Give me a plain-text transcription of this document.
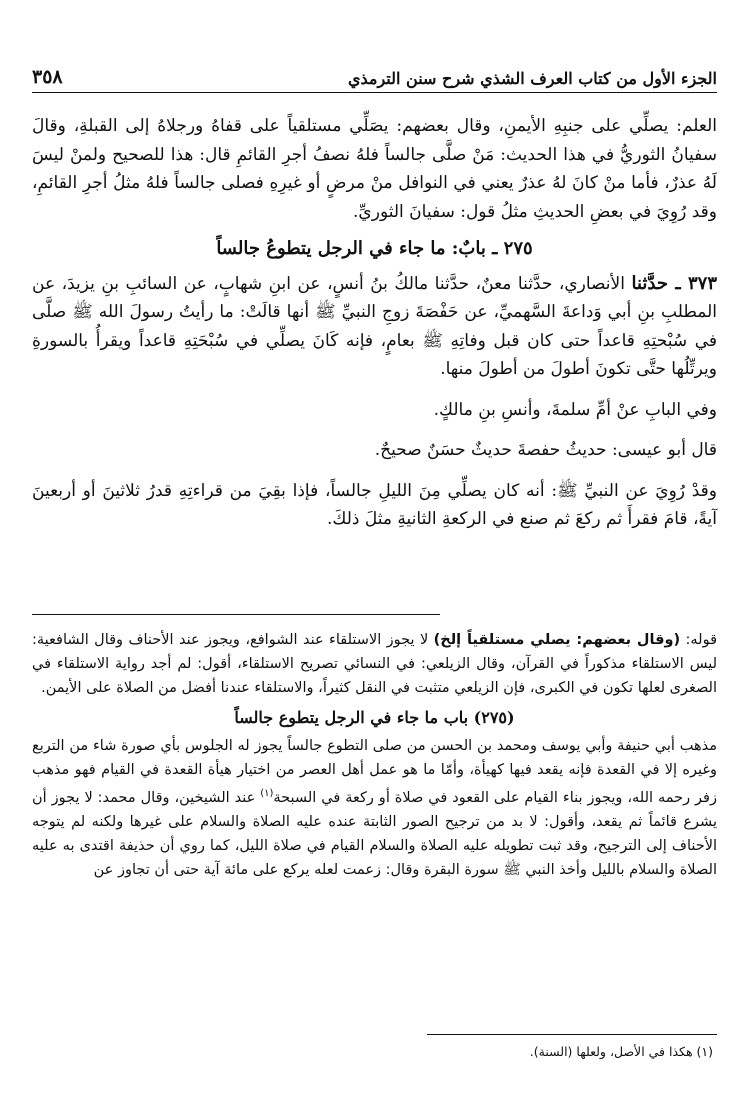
الجزء الأول من كتاب العرف الشذي شرح سنن الترمذي
٣٥٨

العلم: يصلِّي على جنبِهِ الأيمنِ، وقال بعضهم: يصَلِّي مستلقياً على قفاهُ ورجلاهُ إلى القبلةِ، وقالَ سفيانُ الثوريُّ في هذا الحديث: مَنْ صلَّى جالساً فلهُ نصفُ أجرِ القائمِ قال: هذا للصحيح ولمنْ ليسَ لَهُ عذرٌ، فأما منْ كانَ لهُ عذرٌ يعني في النوافل منْ مرضٍ أو غيرِهِ فصلى جالساً فلهُ مثلُ أجرِ القائمِ، وقد رُوِيَ في بعضِ الحديثِ مثلُ قول: سفيانَ الثوريِّ.

٢٧٥ ـ بابٌ: ما جاء في الرجل يتطوعُ جالساً

٣٧٣ ـ حدَّثنا الأنصاري، حدَّثنا معنٌ، حدَّثنا مالكُ بنُ أنسٍ، عن ابنِ شهابٍ، عن السائبِ بنِ يزيدَ، عن المطلبِ بنِ أبي وَداعةَ السَّهميِّ، عن حَفْصَةَ زوجِ النبيِّ ﷺ أنها قالَتْ: ما رأيتُ رسولَ الله ﷺ صلَّى في سُبْحتِهِ قاعداً حتى كان قبل وفاتِهِ ﷺ بعامٍ، فإنه كَانَ يصلِّي في سُبْحَتِهِ قاعداً ويقرأُ بالسورةِ ويرتِّلُها حتَّى تكونَ أطولَ من أطولَ منها.

وفي البابِ عنْ أمِّ سلمةَ، وأنسِ بنِ مالكٍ.

قال أبو عيسى: حديثُ حفصةَ حديثٌ حسَنٌ صحيحٌ.

وقدْ رُوِيَ عن النبيِّ ﷺ: أنه كان يصلِّي مِنَ الليلِ جالساً، فإذا بقِيَ من قراءتِهِ قدرُ ثلاثينَ أو أربعينَ آيةً، قامَ فقرأَ ثم ركعَ ثم صنع في الركعةِ الثانيةِ مثلَ ذلكَ.

قوله: (وقال بعضهم: يصلي مستلقياً إلخ) لا يجوز الاستلقاء عند الشوافع، ويجوز عند الأحناف وقال الشافعية: ليس الاستلقاء مذكوراً في القرآن، وقال الزيلعي: في النسائي تصريح الاستلقاء، أقول: لم أجد رواية الاستلقاء في الصغرى لعلها تكون في الكبرى، فإن الزيلعي متثبت في النقل كثيراً، والاستلقاء عندنا أفضل من الصلاة على الأيمن.

(٢٧٥) باب ما جاء في الرجل يتطوع جالساً

مذهب أبي حنيفة وأبي يوسف ومحمد بن الحسن من صلى التطوع جالساً يجوز له الجلوس بأي صورة شاء من التربع وغيره إلا في القعدة فإنه يقعد فيها كهيأة، وأمّا ما هو عمل أهل العصر من اختيار هيأة القعدة في القيام فهو مذهب زفر رحمه الله، ويجوز بناء القيام على القعود في صلاة أو ركعة في السبحة$^{(١)}$ عند الشيخين، وقال محمد: لا يجوز أن يشرع قائماً ثم يقعد، وأقول: لا بد من ترجيح الصور الثابتة عنده عليه الصلاة والسلام على غيرها ولكنه لم يتوجه الأحناف إلى الترجيح، وقد ثبت تطويله عليه الصلاة والسلام القيام في صلاة الليل، كما روي أن حذيفة اقتدى به عليه الصلاة والسلام بالليل وأخذ النبي ﷺ سورة البقرة وقال: زعمت لعله يركع على مائة آية حتى أن تجاوز عن

(١) هكذا في الأصل، ولعلها (السنة).
